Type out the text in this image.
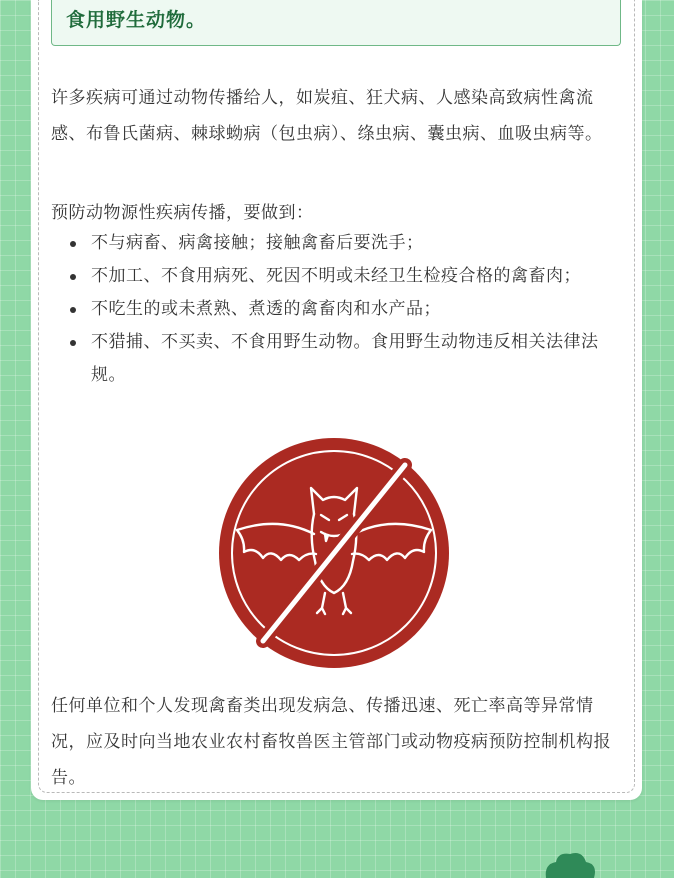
食用野生动物。

许多疾病可通过动物传播给人，如炭疽、狂犬病、人感染高致病性禽流感、布鲁氏菌病、棘球蚴病（包虫病）、绦虫病、囊虫病、血吸虫病等。

预防动物源性疾病传播，要做到：

不与病畜、病禽接触；接触禽畜后要洗手；
不加工、不食用病死、死因不明或未经卫生检疫合格的禽畜肉；
不吃生的或未煮熟、煮透的禽畜肉和水产品；
不猎捕、不买卖、不食用野生动物。食用野生动物违反相关法律法规。

任何单位和个人发现禽畜类出现发病急、传播迅速、死亡率高等异常情况，应及时向当地农业农村畜牧兽医主管部门或动物疫病预防控制机构报告。
